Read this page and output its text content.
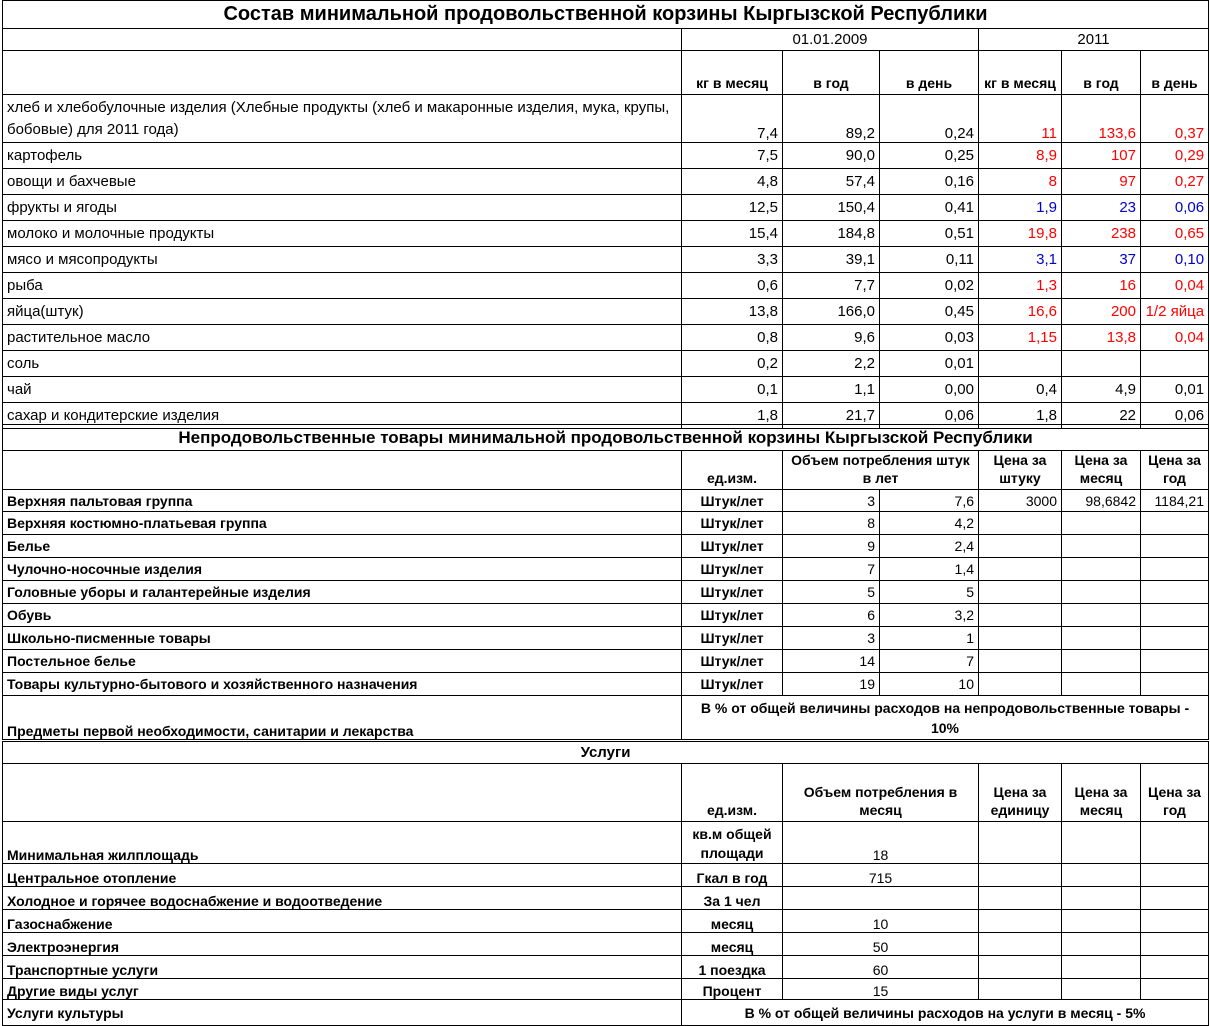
Состав минимальной продовольственной корзины Кыргызской Республики						
	01.01.2009			2011		
	кг в месяц	в год	в день	кг в месяц	в год	в день
хлеб и хлебобулочные изделия (Хлебные продукты (хлеб и макаронные изделия, мука, крупы, бобовые) для 2011 года)	7,4	89,2	0,24	11	133,6	0,37
картофель	7,5	90,0	0,25	8,9	107	0,29
овощи и бахчевые	4,8	57,4	0,16	8	97	0,27
фрукты и ягоды	12,5	150,4	0,41	1,9	23	0,06
молоко и молочные продукты	15,4	184,8	0,51	19,8	238	0,65
мясо и мясопродукты	3,3	39,1	0,11	3,1	37	0,10
рыба	0,6	7,7	0,02	1,3	16	0,04
яйца(штук)	13,8	166,0	0,45	16,6	200	1/2 яйца
растительное масло	0,8	9,6	0,03	1,15	13,8	0,04
соль	0,2	2,2	0,01			
чай	0,1	1,1	0,00	0,4	4,9	0,01
сахар и кондитерские изделия	1,8	21,7	0,06	1,8	22	0,06
Непродовольственные товары минимальной продовольственной корзины Кыргызской Республики						
	ед.изм.	Объем потребления штук в лет		Цена за штуку	Цена за месяц	Цена за год
Верхняя пальтовая группа	Штук/лет	3	7,6	3000	98,6842	1184,21
Верхняя костюмно-платьевая группа	Штук/лет	8	4,2			
Белье	Штук/лет	9	2,4			
Чулочно-носочные изделия	Штук/лет	7	1,4			
Головные уборы и галантерейные изделия	Штук/лет	5	5			
Обувь	Штук/лет	6	3,2			
Школьно-писменные товары	Штук/лет	3	1			
Постельное белье	Штук/лет	14	7			
Товары культурно-бытового и хозяйственного назначения	Штук/лет	19	10			
Предметы первой необходимости, санитарии и лекарства	В % от общей величины расходов на непродовольственные товары - 10%					
Услуги					
	ед.изм.	Объем потребления в месяц	Цена за единицу	Цена за месяц	Цена за год
Минимальная жилплощадь	кв.м общей площади	18			
Центральное отопление	Гкал в год	715			
Холодное и горячее водоснабжение и водоотведение	За 1 чел				
Газоснабжение	месяц	10			
Электроэнергия	месяц	50			
Транспортные услуги	1 поездка	60			
Другие виды услуг	Процент	15			
Услуги культуры	В % от общей величины расходов на услуги в месяц - 5%				
